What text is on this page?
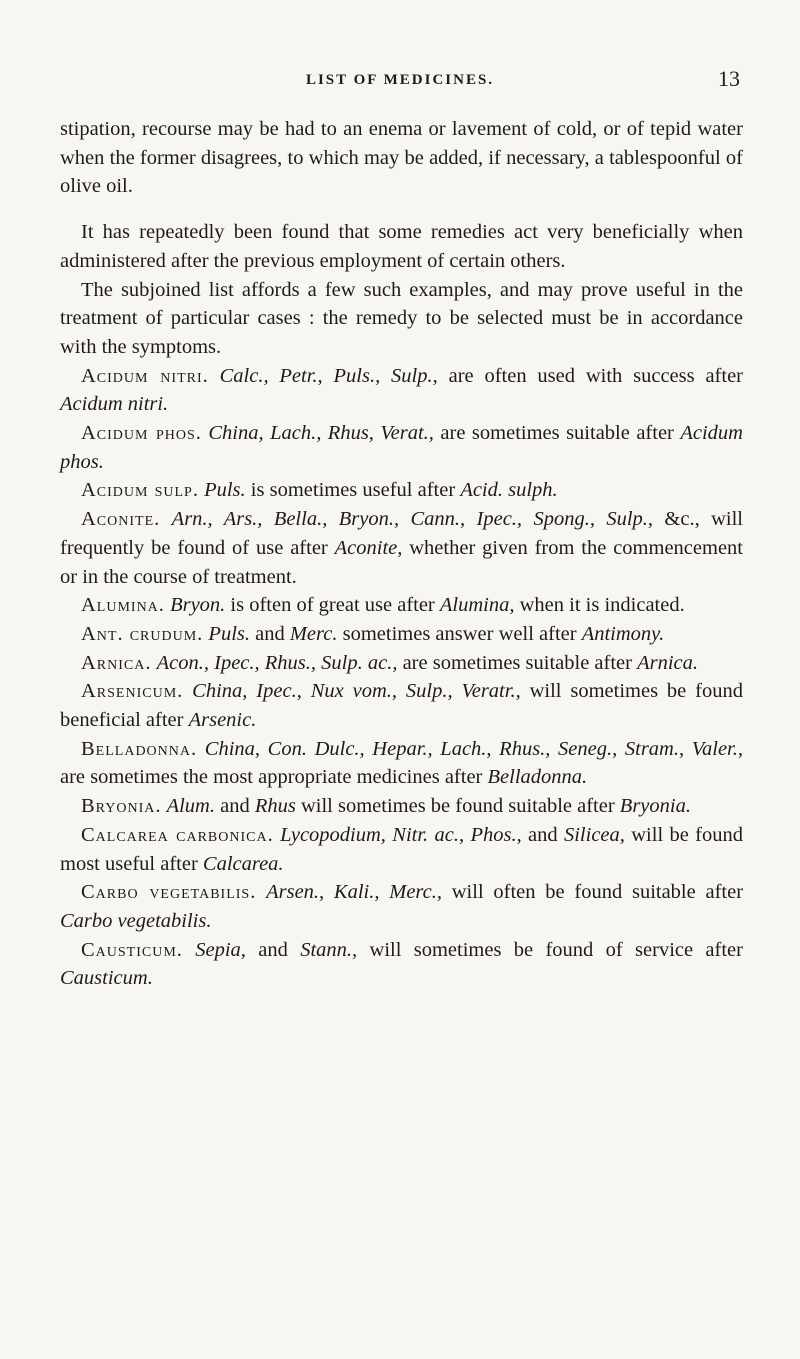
LIST OF MEDICINES.	13

stipation, recourse may be had to an enema or lavement of cold, or of tepid water when the former disagrees, to which may be added, if necessary, a tablespoonful of olive oil.

It has repeatedly been found that some remedies act very beneficially when administered after the previous employment of certain others.

The subjoined list affords a few such examples, and may prove useful in the treatment of particular cases : the remedy to be selected must be in accordance with the symptoms.

Acidum nitri. Calc., Petr., Puls., Sulp., are often used with success after Acidum nitri.

Acidum phos. China, Lach., Rhus, Verat., are sometimes suitable after Acidum phos.

Acidum sulp. Puls. is sometimes useful after Acid. sulph.

Aconite. Arn., Ars., Bella., Bryon., Cann., Ipec., Spong., Sulp., &c., will frequently be found of use after Aconite, whether given from the commencement or in the course of treatment.

Alumina. Bryon. is often of great use after Alumina, when it is indicated.

Ant. crudum. Puls. and Merc. sometimes answer well after Antimony.

Arnica. Acon., Ipec., Rhus., Sulp. ac., are sometimes suitable after Arnica.

Arsenicum. China, Ipec., Nux vom., Sulp., Veratr., will sometimes be found beneficial after Arsenic.

Belladonna. China, Con. Dulc., Hepar., Lach., Rhus., Seneg., Stram., Valer., are sometimes the most appropriate medicines after Belladonna.

Bryonia. Alum. and Rhus will sometimes be found suitable after Bryonia.

Calcarea carbonica. Lycopodium, Nitr. ac., Phos., and Silicea, will be found most useful after Calcarea.

Carbo vegetabilis. Arsen., Kali., Merc., will often be found suitable after Carbo vegetabilis.

Causticum. Sepia, and Stann., will sometimes be found of service after Causticum.
